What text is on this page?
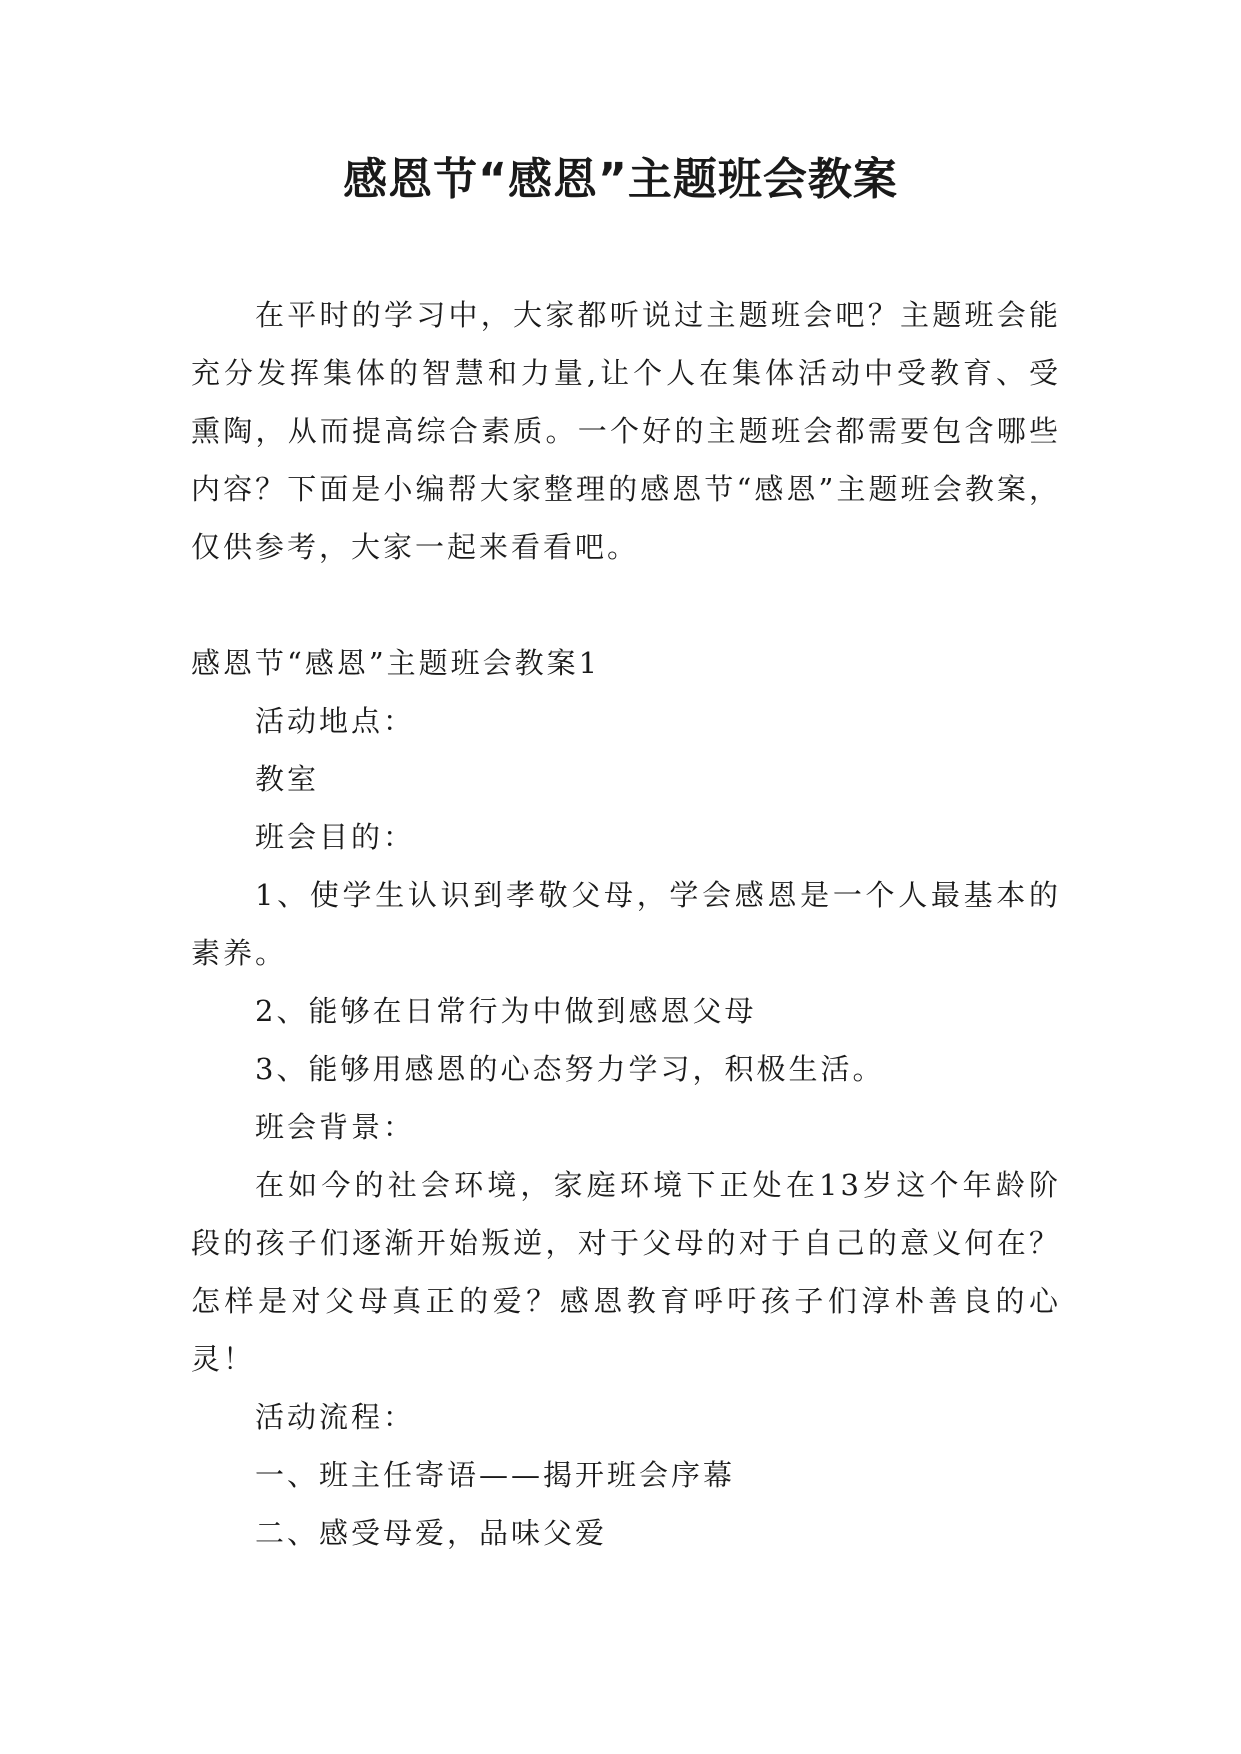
感恩节“感恩”主题班会教案

在平时的学习中，大家都听说过主题班会吧？主题班会能充分发挥集体的智慧和力量,让个人在集体活动中受教育、受熏陶，从而提高综合素质。一个好的主题班会都需要包含哪些内容？下面是小编帮大家整理的感恩节“感恩”主题班会教案，仅供参考，大家一起来看看吧。

感恩节“感恩”主题班会教案1

活动地点：

教室

班会目的：

1、使学生认识到孝敬父母，学会感恩是一个人最基本的素养。

2、能够在日常行为中做到感恩父母

3、能够用感恩的心态努力学习，积极生活。

班会背景：

在如今的社会环境，家庭环境下正处在13岁这个年龄阶段的孩子们逐渐开始叛逆，对于父母的对于自己的意义何在？怎样是对父母真正的爱？感恩教育呼吁孩子们淳朴善良的心灵！

活动流程：

一、班主任寄语——揭开班会序幕

二、感受母爱，品味父爱
